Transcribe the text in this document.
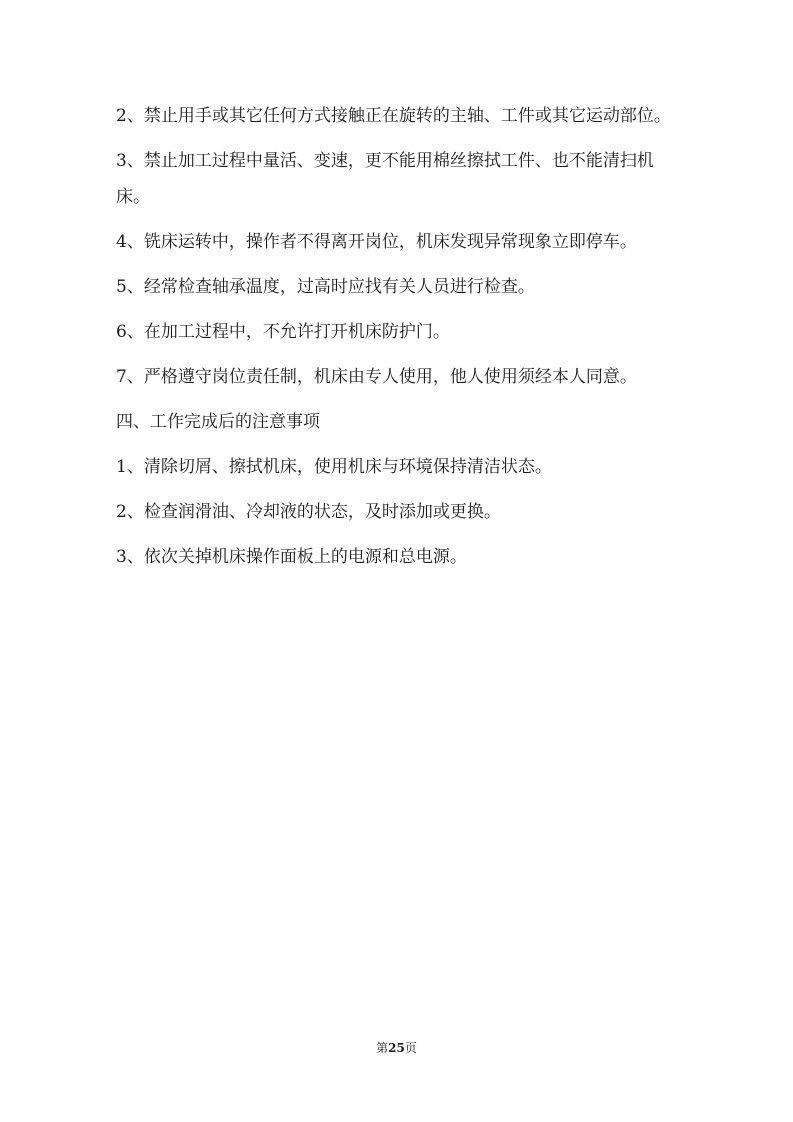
2、禁止用手或其它任何方式接触正在旋转的主轴、工件或其它运动部位。

3、禁止加工过程中量活、变速，更不能用棉丝擦拭工件、也不能清扫机床。

4、铣床运转中，操作者不得离开岗位，机床发现异常现象立即停车。

5、经常检查轴承温度，过高时应找有关人员进行检查。

6、在加工过程中，不允许打开机床防护门。

7、严格遵守岗位责任制，机床由专人使用，他人使用须经本人同意。

四、工作完成后的注意事项

1、清除切屑、擦拭机床，使用机床与环境保持清洁状态。

2、检查润滑油、冷却液的状态，及时添加或更换。

3、依次关掉机床操作面板上的电源和总电源。

第25页
